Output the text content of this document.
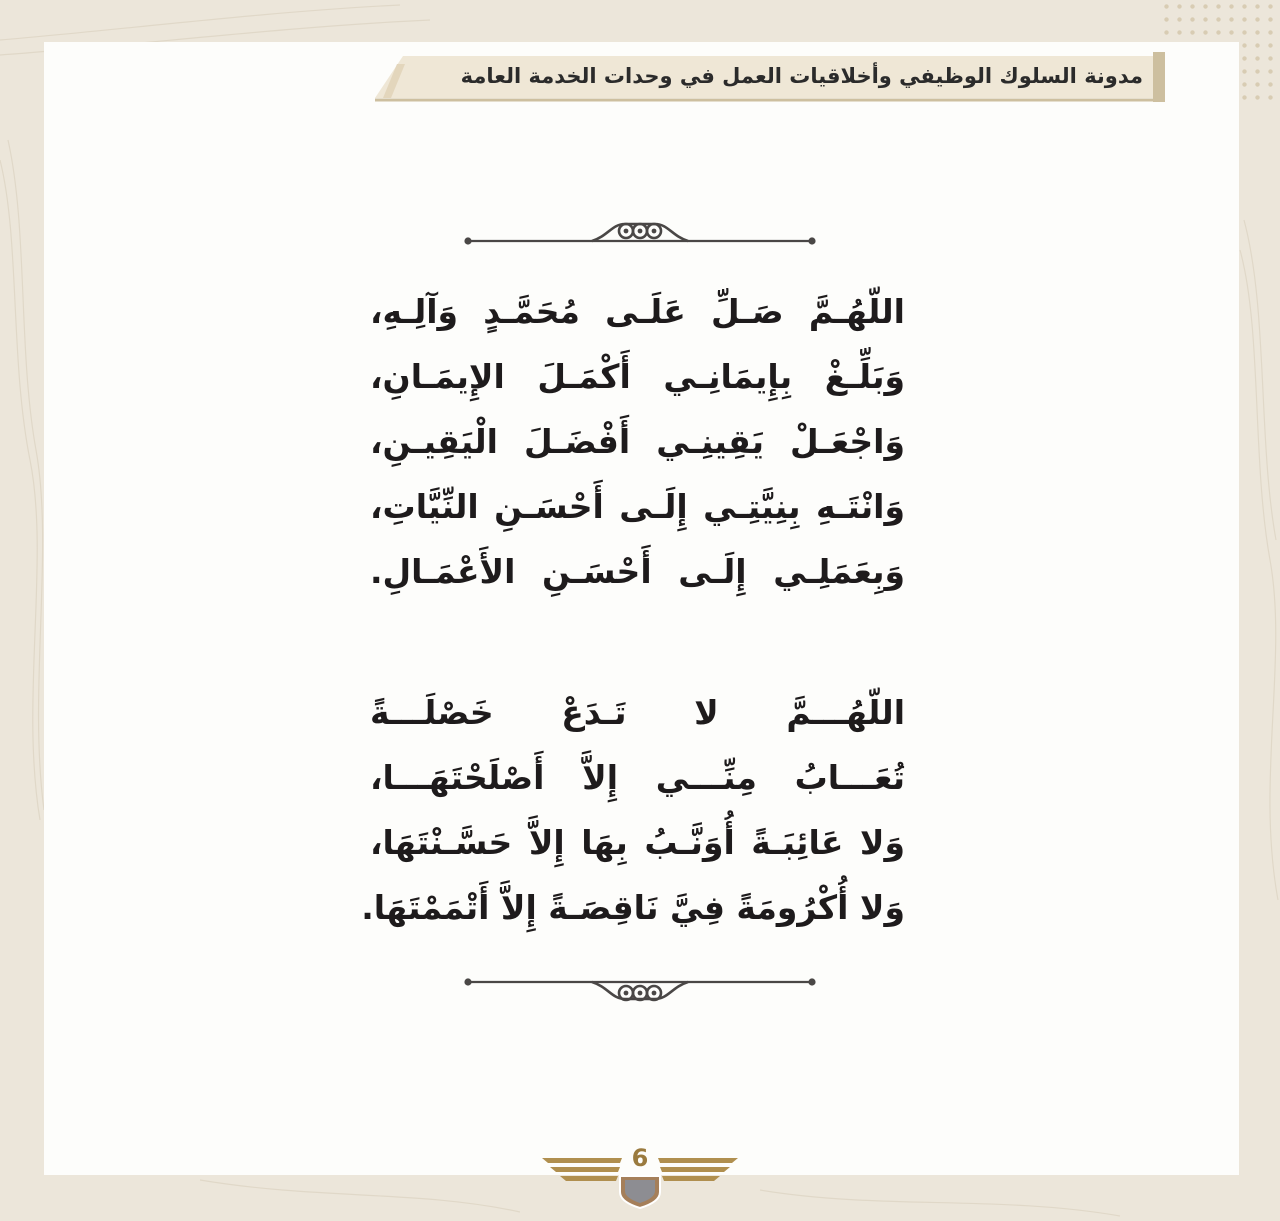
مدونة السلوك الوظيفي وأخلاقيات العمل في وحدات الخدمة العامة
اللّهُـمَّ صَـلِّ عَلَـى مُحَمَّـدٍ وَآلِـهِ،
وَبَلِّـغْ بِإِيمَانِـي أَكْمَـلَ الإِيمَـانِ،
وَاجْعَـلْ يَقِينِـي أَفْضَـلَ الْيَقِيـنِ،
وَانْتَـهِ بِنِيَّتِـي إِلَـى أَحْسَـنِ النِّيَّاتِ،
وَبِعَمَلِـي إِلَـى أَحْسَـنِ الأَعْمَـالِ.
اللّهُـــمَّ لا تَـدَعْ خَصْلَـــةً
تُعَـــابُ مِنِّـــي إِلاَّ أَصْلَحْتَهَـــا،
وَلا عَائِبَـةً أُوَنَّـبُ بِهَا إِلاَّ حَسَّـنْتَهَا،
وَلا أُكْرُومَةً فِيَّ نَاقِصَـةً إِلاَّ أَتْمَمْتَهَا.
6
